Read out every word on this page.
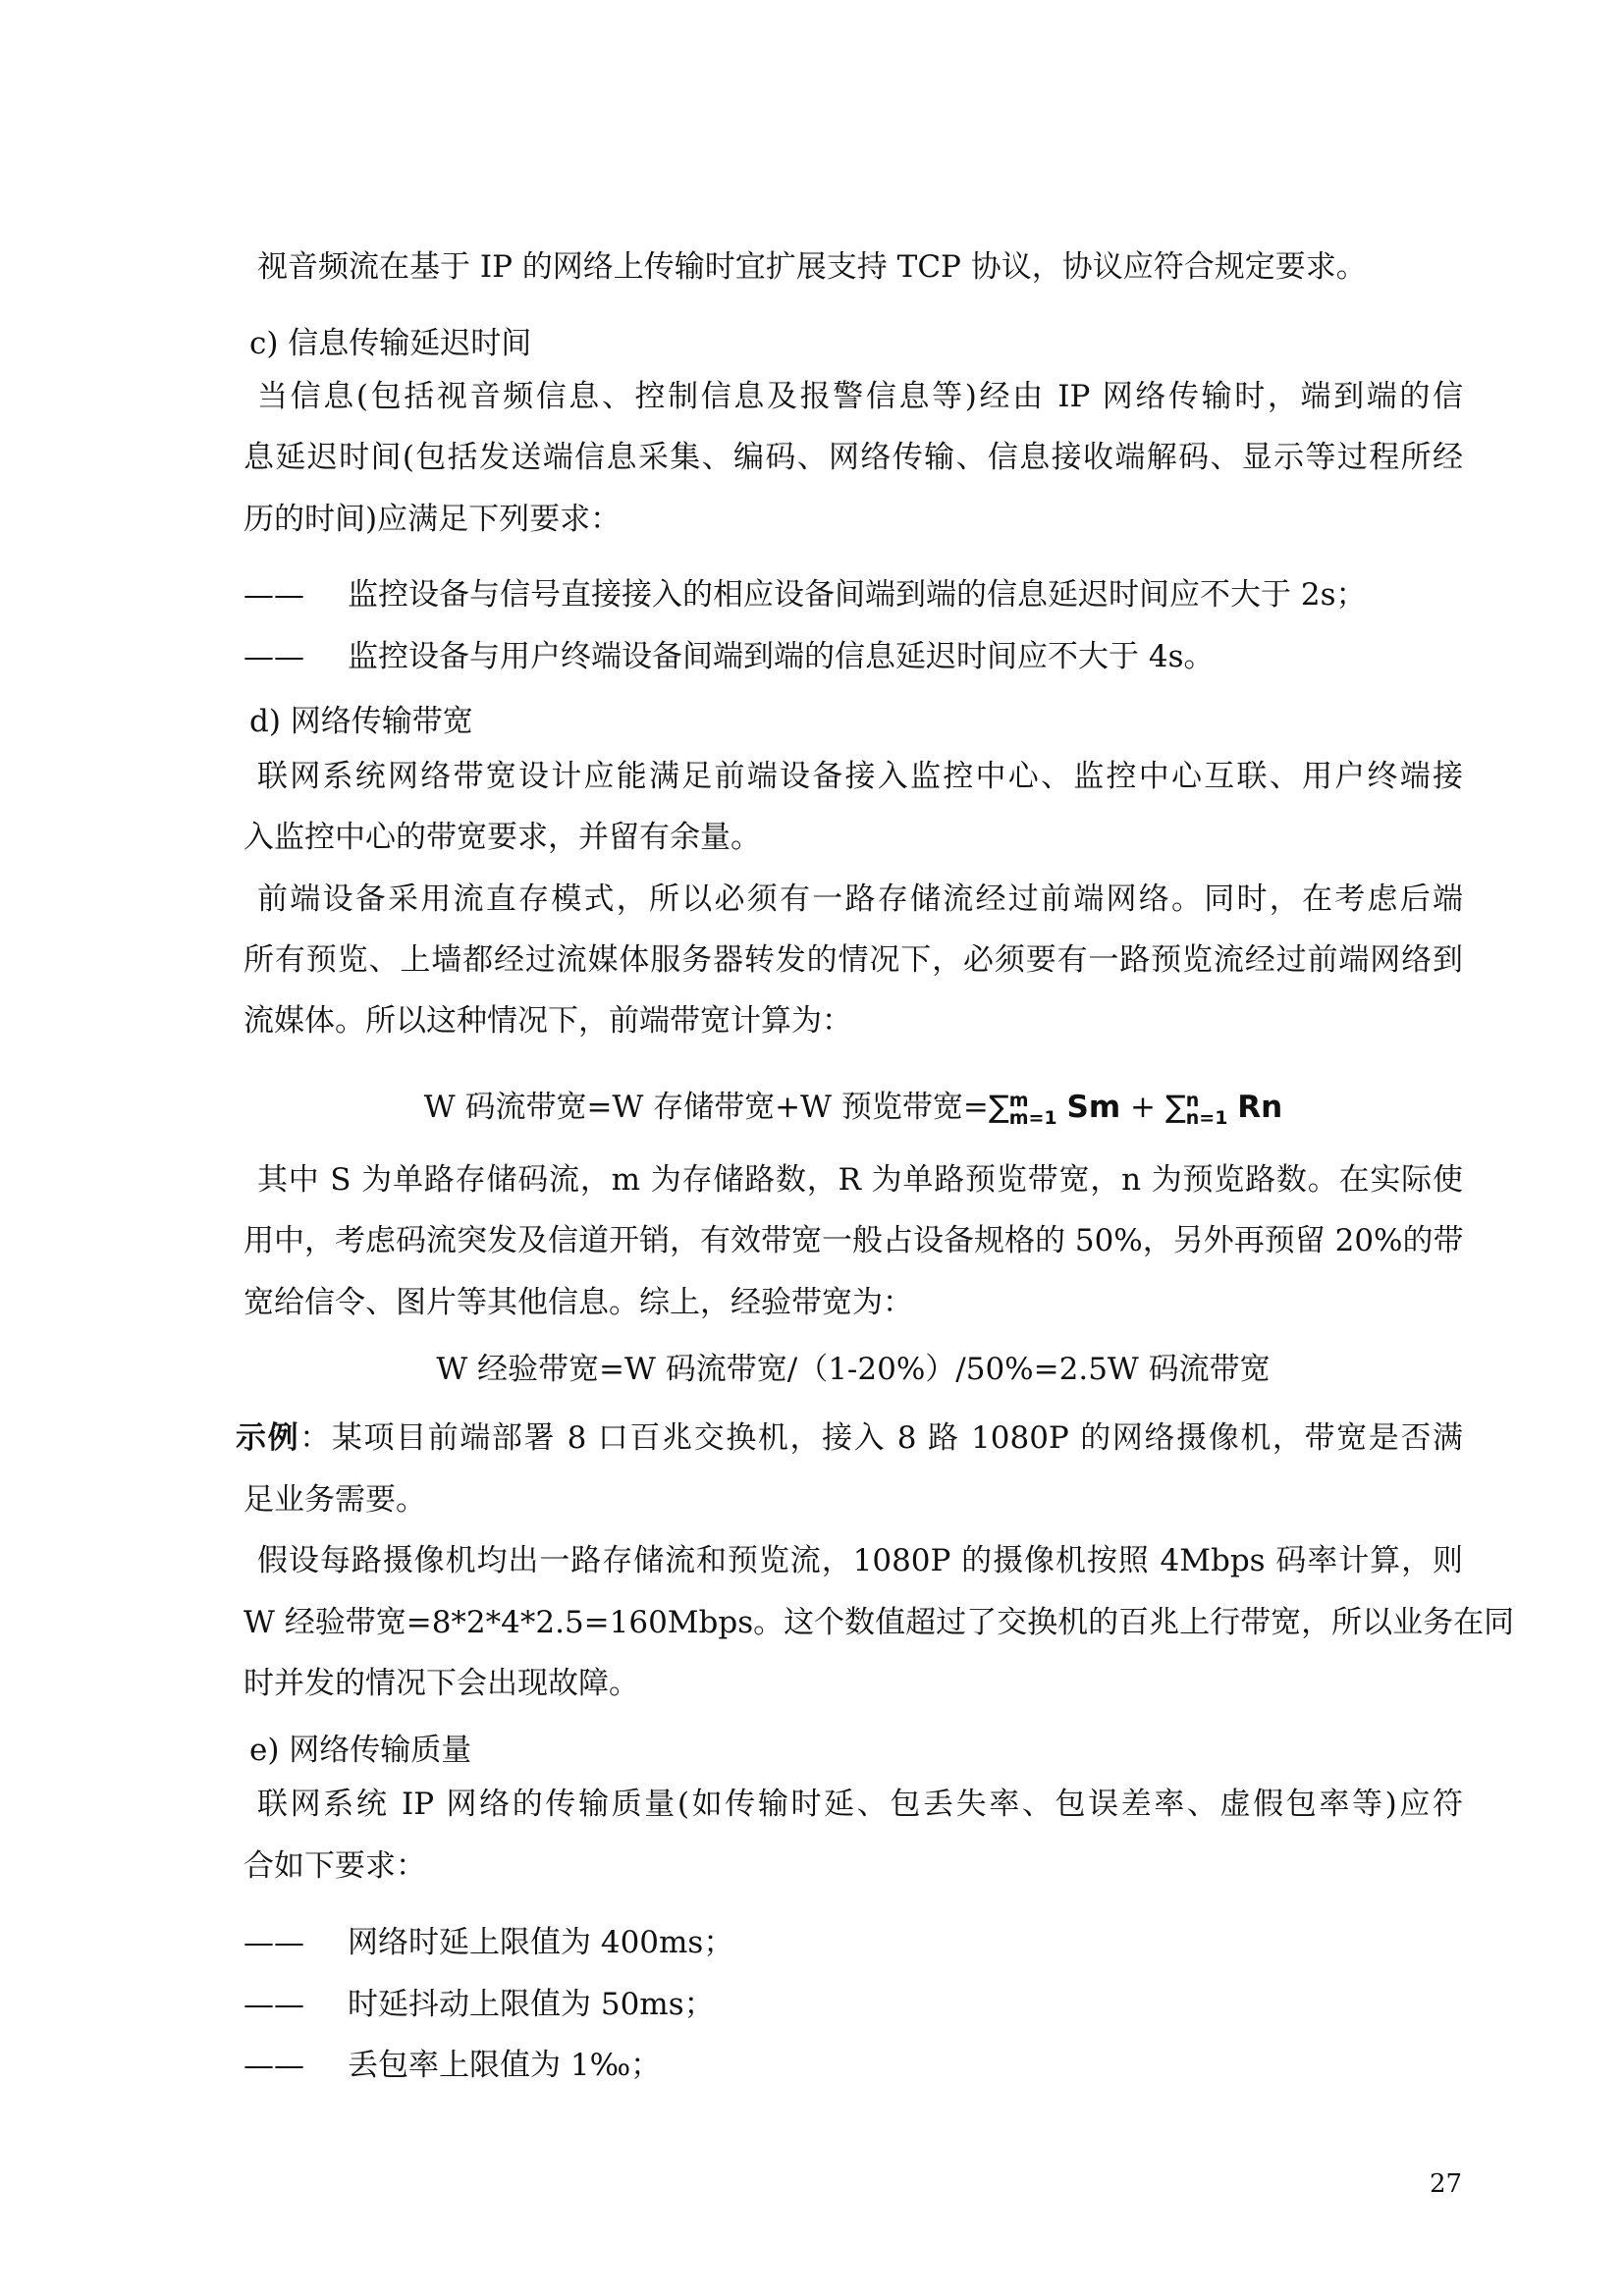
视音频流在基于 IP 的网络上传输时宜扩展支持 TCP 协议，协议应符合规定要求。
c) 信息传输延迟时间
当信息(包括视音频信息、控制信息及报警信息等)经由 IP 网络传输时，端到端的信
息延迟时间(包括发送端信息采集、编码、网络传输、信息接收端解码、显示等过程所经
历的时间)应满足下列要求：
—— 监控设备与信号直接接入的相应设备间端到端的信息延迟时间应不大于 2s；
—— 监控设备与用户终端设备间端到端的信息延迟时间应不大于 4s。
d) 网络传输带宽
联网系统网络带宽设计应能满足前端设备接入监控中心、监控中心互联、用户终端接
入监控中心的带宽要求，并留有余量。
前端设备采用流直存模式，所以必须有一路存储流经过前端网络。同时，在考虑后端
所有预览、上墙都经过流媒体服务器转发的情况下，必须要有一路预览流经过前端网络到
流媒体。所以这种情况下，前端带宽计算为：
W 码流带宽=W 存储带宽+W 预览带宽=∑ m
m=1 Sm + ∑ n
n=1 Rn
其中 S 为单路存储码流，m 为存储路数，R 为单路预览带宽，n 为预览路数。在实际使
用中，考虑码流突发及信道开销，有效带宽一般占设备规格的 50%，另外再预留 20%的带
宽给信令、图片等其他信息。综上，经验带宽为：
W 经验带宽=W 码流带宽/（1-20%）/50%=2.5W 码流带宽
示例：某项目前端部署 8 口百兆交换机，接入 8 路 1080P 的网络摄像机，带宽是否满
足业务需要。
假设每路摄像机均出一路存储流和预览流，1080P 的摄像机按照 4Mbps 码率计算，则
W 经验带宽=8*2*4*2.5=160Mbps。这个数值超过了交换机的百兆上行带宽，所以业务在同
时并发的情况下会出现故障。
e) 网络传输质量
联网系统 IP 网络的传输质量(如传输时延、包丢失率、包误差率、虚假包率等)应符
合如下要求：
—— 网络时延上限值为 400ms；
—— 时延抖动上限值为 50ms；
—— 丢包率上限值为 1‰；
27
